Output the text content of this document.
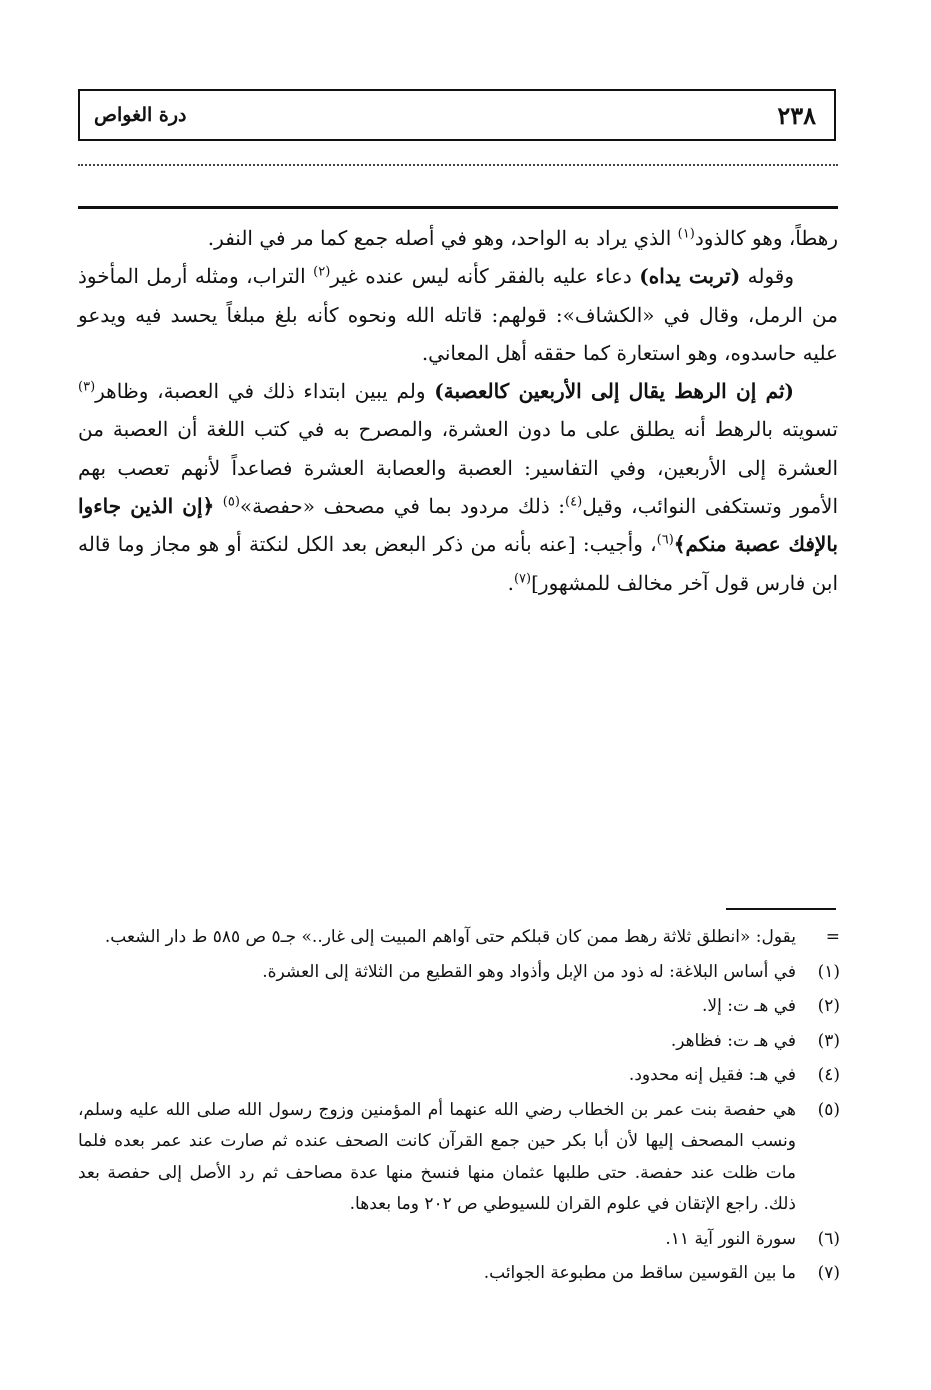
درة الغواص	٢٣٨

رهطاً، وهو كالذود$^{(١)}$ الذي يراد به الواحد، وهو في أصله جمع كما مر في النفر.

وقوله (تربت يداه) دعاء عليه بالفقر كأنه ليس عنده غير$^{(٢)}$ التراب، ومثله أرمل المأخوذ من الرمل، وقال في «الكشاف»: قولهم: قاتله الله ونحوه كأنه بلغ مبلغاً يحسد فيه ويدعو عليه حاسدوه، وهو استعارة كما حققه أهل المعاني.

(ثم إن الرهط يقال إلى الأربعين كالعصبة) ولم يبين ابتداء ذلك في العصبة، وظاهر$^{(٣)}$ تسويته بالرهط أنه يطلق على ما دون العشرة، والمصرح به في كتب اللغة أن العصبة من العشرة إلى الأربعين، وفي التفاسير: العصبة والعصابة العشرة فصاعداً لأنهم تعصب بهم الأمور وتستكفى النوائب، وقيل$^{(٤)}$: ذلك مردود بما في مصحف «حفصة»$^{(٥)}$ ﴿إن الذين جاءوا بالإفك عصبة منكم﴾$^{(٦)}$، وأجيب: [عنه بأنه من ذكر البعض بعد الكل لنكتة أو هو مجاز وما قاله ابن فارس قول آخر مخالف للمشهور]$^{(٧)}$.

=
يقول: «انطلق ثلاثة رهط ممن كان قبلكم حتى آواهم المبيت إلى غار..» جـ٥ ص ٥٨٥ ط دار الشعب.
(١)
في أساس البلاغة: له ذود من الإبل وأذواد وهو القطيع من الثلاثة إلى العشرة.
(٢)
في هـ ت: إلا.
(٣)
في هـ ت: فظاهر.
(٤)
في هـ: فقيل إنه محدود.
(٥)
هي حفصة بنت عمر بن الخطاب رضي الله عنهما أم المؤمنين وزوج رسول الله صلى الله عليه وسلم، ونسب المصحف إليها لأن أبا بكر حين جمع القرآن كانت الصحف عنده ثم صارت عند عمر بعده فلما مات ظلت عند حفصة. حتى طلبها عثمان منها فنسخ منها عدة مصاحف ثم رد الأصل إلى حفصة بعد ذلك. راجع الإتقان في علوم القران للسيوطي ص ٢٠٢ وما بعدها.
(٦)
سورة النور آية ١١.
(٧)
ما بين القوسين ساقط من مطبوعة الجوائب.
